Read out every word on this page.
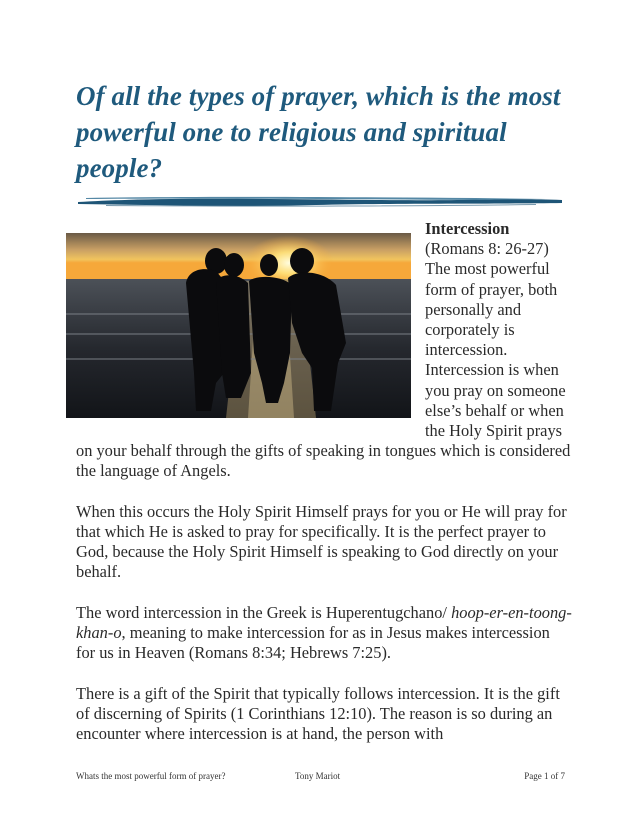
Of all the types of prayer, which is the most powerful one to religious and spiritual people?

Intercession
(Romans 8: 26-27) The most powerful form of prayer, both personally and corporately is intercession. Intercession is when you pray on someone else’s behalf or when the Holy Spirit prays on your behalf through the gifts of speaking in tongues which is considered the language of Angels.

When this occurs the Holy Spirit Himself prays for you or He will pray for that which He is asked to pray for specifically. It is the perfect prayer to God, because the Holy Spirit Himself is speaking to God directly on your behalf.

The word intercession in the Greek is Huperentugchano/ hoop-er-en-toong-khan-o, meaning to make intercession for as in Jesus makes intercession for us in Heaven (Romans 8:34; Hebrews 7:25).

There is a gift of the Spirit that typically follows intercession. It is the gift of discerning of Spirits (1 Corinthians 12:10). The reason is so during an encounter where intercession is at hand, the person with

Whats the most powerful form of prayer?	Tony Mariot	Page 1 of 7
